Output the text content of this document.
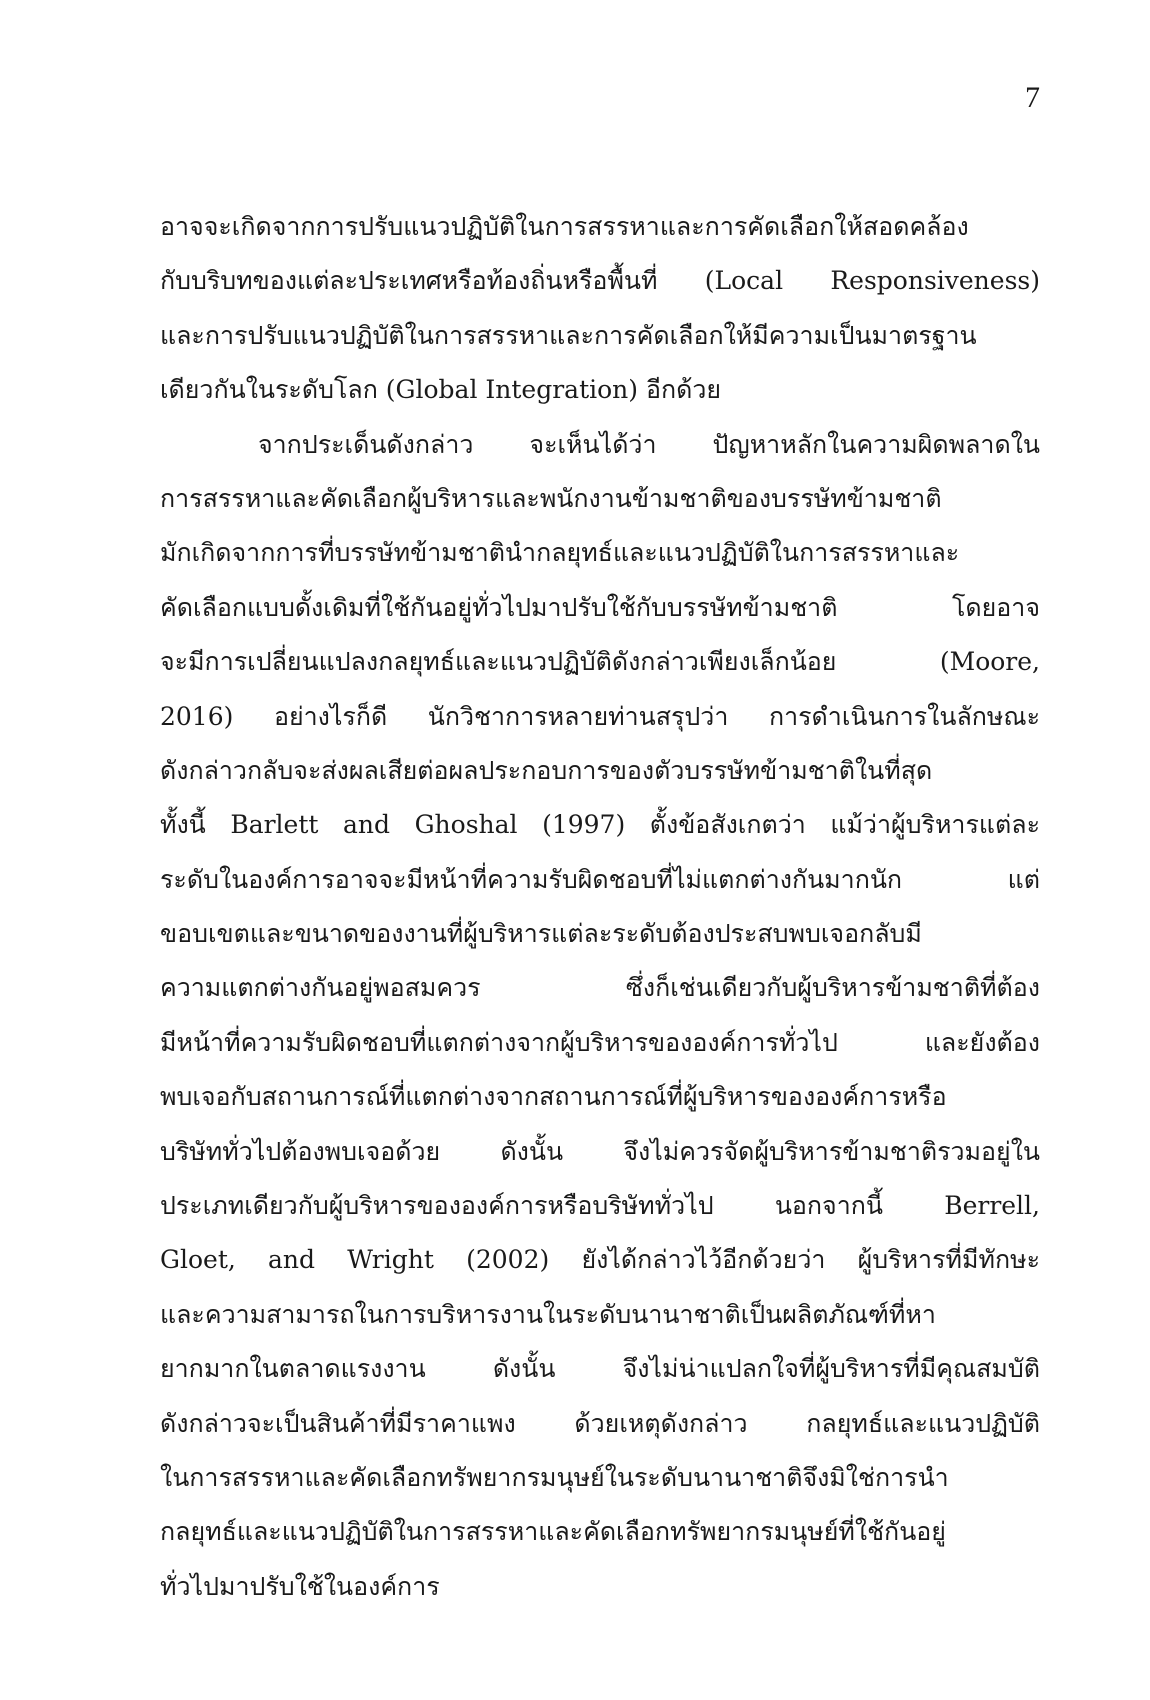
7
อาจจะเกิดจากการปรับแนวปฏิบัติในการสรรหาและการคัดเลือกให้สอดคล้อง
กับบริบทของแต่ละประเทศหรือท้องถิ่นหรือพื้นที่ (Local Responsiveness)
และการปรับแนวปฏิบัติในการสรรหาและการคัดเลือกให้มีความเป็นมาตรฐาน
เดียวกันในระดับโลก (Global Integration) อีกด้วย
จากประเด็นดังกล่าว จะเห็นได้ว่า ปัญหาหลักในความผิดพลาดใน
การสรรหาและคัดเลือกผู้บริหารและพนักงานข้ามชาติของบรรษัทข้ามชาติ
มักเกิดจากการที่บรรษัทข้ามชาตินำกลยุทธ์และแนวปฏิบัติในการสรรหาและ
คัดเลือกแบบดั้งเดิมที่ใช้กันอยู่ทั่วไปมาปรับใช้กับบรรษัทข้ามชาติ โดยอาจ
จะมีการเปลี่ยนแปลงกลยุทธ์และแนวปฏิบัติดังกล่าวเพียงเล็กน้อย (Moore,
2016) อย่างไรก็ดี นักวิชาการหลายท่านสรุปว่า การดำเนินการในลักษณะ
ดังกล่าวกลับจะส่งผลเสียต่อผลประกอบการของตัวบรรษัทข้ามชาติในที่สุด
ทั้งนี้ Barlett and Ghoshal (1997) ตั้งข้อสังเกตว่า แม้ว่าผู้บริหารแต่ละ
ระดับในองค์การอาจจะมีหน้าที่ความรับผิดชอบที่ไม่แตกต่างกันมากนัก แต่
ขอบเขตและขนาดของงานที่ผู้บริหารแต่ละระดับต้องประสบพบเจอกลับมี
ความแตกต่างกันอยู่พอสมควร ซึ่งก็เช่นเดียวกับผู้บริหารข้ามชาติที่ต้อง
มีหน้าที่ความรับผิดชอบที่แตกต่างจากผู้บริหารขององค์การทั่วไป และยังต้อง
พบเจอกับสถานการณ์ที่แตกต่างจากสถานการณ์ที่ผู้บริหารขององค์การหรือ
บริษัททั่วไปต้องพบเจอด้วย ดังนั้น จึงไม่ควรจัดผู้บริหารข้ามชาติรวมอยู่ใน
ประเภทเดียวกับผู้บริหารขององค์การหรือบริษัททั่วไป นอกจากนี้ Berrell,
Gloet, and Wright (2002) ยังได้กล่าวไว้อีกด้วยว่า ผู้บริหารที่มีทักษะ
และความสามารถในการบริหารงานในระดับนานาชาติเป็นผลิตภัณฑ์ที่หา
ยากมากในตลาดแรงงาน ดังนั้น จึงไม่น่าแปลกใจที่ผู้บริหารที่มีคุณสมบัติ
ดังกล่าวจะเป็นสินค้าที่มีราคาแพง ด้วยเหตุดังกล่าว กลยุทธ์และแนวปฏิบัติ
ในการสรรหาและคัดเลือกทรัพยากรมนุษย์ในระดับนานาชาติจึงมิใช่การนำ
กลยุทธ์และแนวปฏิบัติในการสรรหาและคัดเลือกทรัพยากรมนุษย์ที่ใช้กันอยู่
ทั่วไปมาปรับใช้ในองค์การ
